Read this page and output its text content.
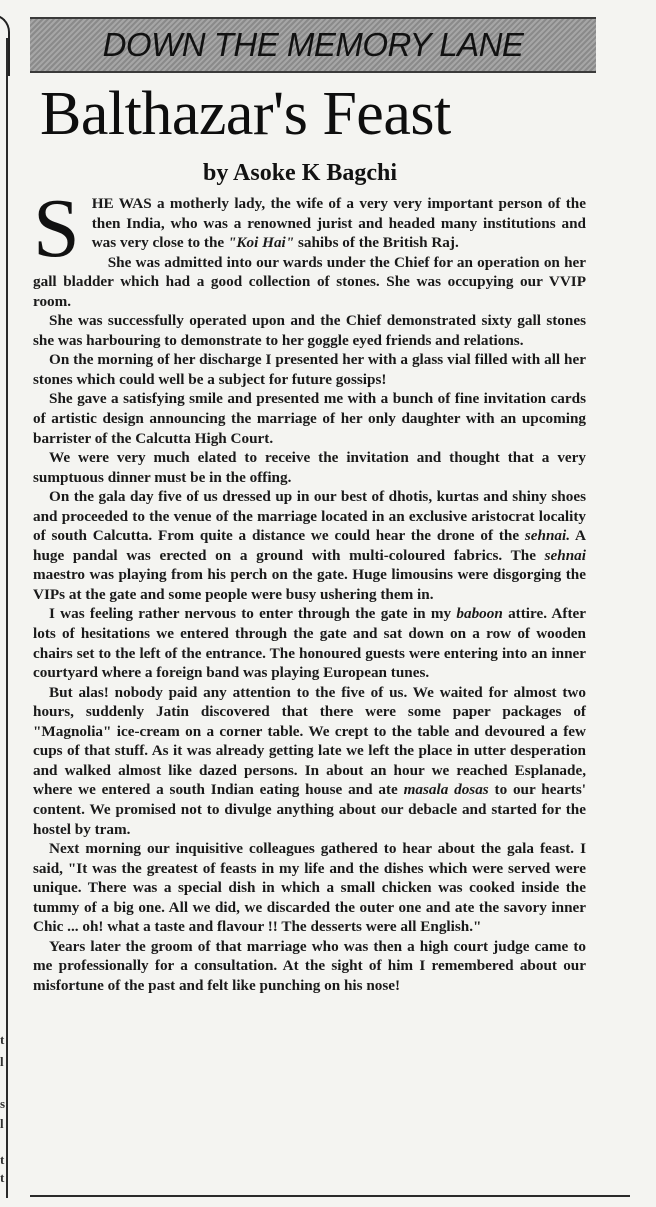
t
l
s
l
t
t
DOWN THE MEMORY LANE
Balthazar's Feast
by Asoke K Bagchi

SHE WAS a motherly lady, the wife of a very very important person of the then India, who was a renowned jurist and headed many institutions and was very close to the "Koi Hai" sahibs of the British Raj.

She was admitted into our wards under the Chief for an operation on her gall bladder which had a good collection of stones. She was occupying our VVIP room.

She was successfully operated upon and the Chief demonstrated sixty gall stones she was harbouring to demonstrate to her goggle eyed friends and relations.

On the morning of her discharge I presented her with a glass vial filled with all her stones which could well be a subject for future gossips!

She gave a satisfying smile and presented me with a bunch of fine invitation cards of artistic design announcing the marriage of her only daughter with an upcoming barrister of the Calcutta High Court.

We were very much elated to receive the invitation and thought that a very sumptuous dinner must be in the offing.

On the gala day five of us dressed up in our best of dhotis, kurtas and shiny shoes and proceeded to the venue of the marriage located in an exclusive aristocrat locality of south Calcutta. From quite a distance we could hear the drone of the sehnai. A huge pandal was erected on a ground with multi-coloured fabrics. The sehnai maestro was playing from his perch on the gate. Huge limousins were disgorging the VIPs at the gate and some people were busy ushering them in.

I was feeling rather nervous to enter through the gate in my baboon attire. After lots of hesitations we entered through the gate and sat down on a row of wooden chairs set to the left of the entrance. The honoured guests were entering into an inner courtyard where a foreign band was playing European tunes.

But alas! nobody paid any attention to the five of us. We waited for almost two hours, suddenly Jatin discovered that there were some paper packages of "Magnolia" ice-cream on a corner table. We crept to the table and devoured a few cups of that stuff. As it was already getting late we left the place in utter desperation and walked almost like dazed persons. In about an hour we reached Esplanade, where we entered a south Indian eating house and ate masala dosas to our hearts' content. We promised not to divulge anything about our debacle and started for the hostel by tram.

Next morning our inquisitive colleagues gathered to hear about the gala feast. I said, "It was the greatest of feasts in my life and the dishes which were served were unique. There was a special dish in which a small chicken was cooked inside the tummy of a big one. All we did, we discarded the outer one and ate the savory inner Chic ... oh! what a taste and flavour !! The desserts were all English."

Years later the groom of that marriage who was then a high court judge came to me professionally for a consultation. At the sight of him I remembered about our misfortune of the past and felt like punching on his nose!
